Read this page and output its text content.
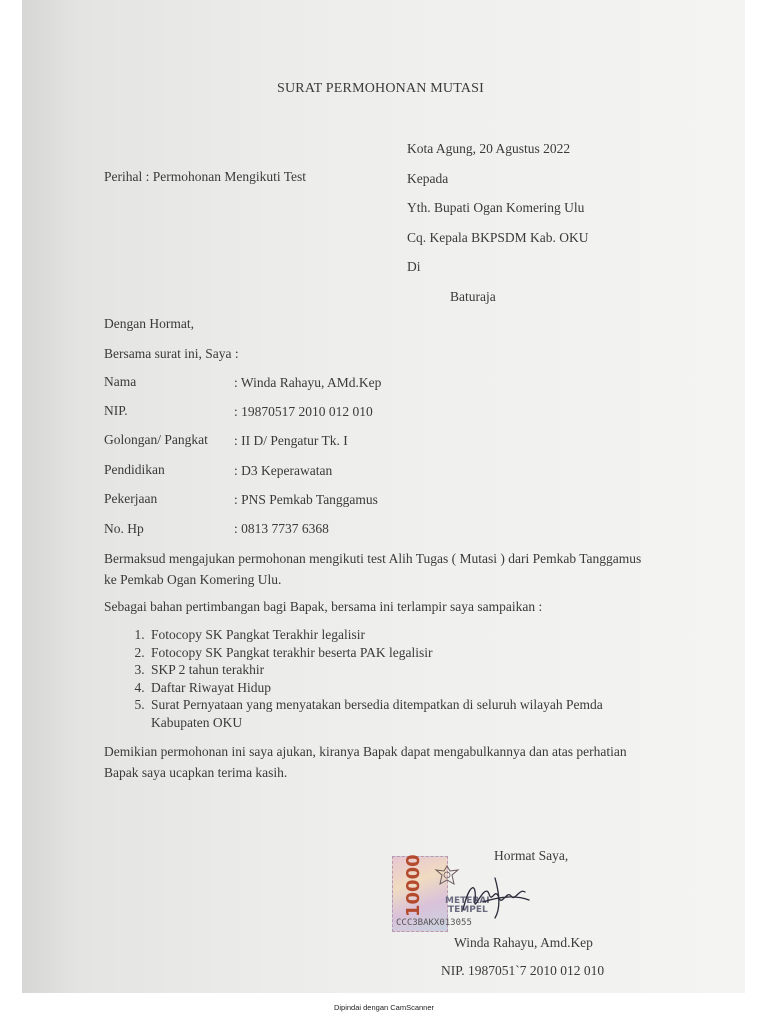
SURAT PERMOHONAN MUTASI
Kota Agung, 20 Agustus 2022
Perihal : Permohonan Mengikuti Test	Kepada
Yth. Bupati Ogan Komering Ulu
Cq. Kepala BKPSDM Kab. OKU
Di
Baturaja
Dengan Hormat,
Bersama surat ini, Saya :
Nama	: Winda Rahayu, AMd.Kep
NIP.	: 19870517 2010 012 010
Golongan/ Pangkat : II D/ Pengatur Tk. I
Pendidikan	: D3 Keperawatan
Pekerjaan	: PNS Pemkab Tanggamus
No. Hp	: 0813 7737 6368
Bermaksud mengajukan permohonan mengikuti test Alih Tugas ( Mutasi ) dari Pemkab Tanggamus ke Pemkab Ogan Komering Ulu.
Sebagai bahan pertimbangan bagi Bapak, bersama ini terlampir saya sampaikan :
1. Fotocopy SK Pangkat Terakhir legalisir
2. Fotocopy SK Pangkat terakhir beserta PAK legalisir
3. SKP 2 tahun terakhir
4. Daftar Riwayat Hidup
5. Surat Pernyataan yang menyatakan bersedia ditempatkan di seluruh wilayah Pemda Kabupaten OKU
Demikian permohonan ini saya ajukan, kiranya Bapak dapat mengabulkannya dan atas perhatian Bapak saya ucapkan terima kasih.
Hormat Saya,
10000 METERAI
TEMPEL
CCC3BAKX013055
Winda Rahayu, Amd.Kep
NIP. 1987051`7 2010 012 010
Dipindai dengan CamScanner
